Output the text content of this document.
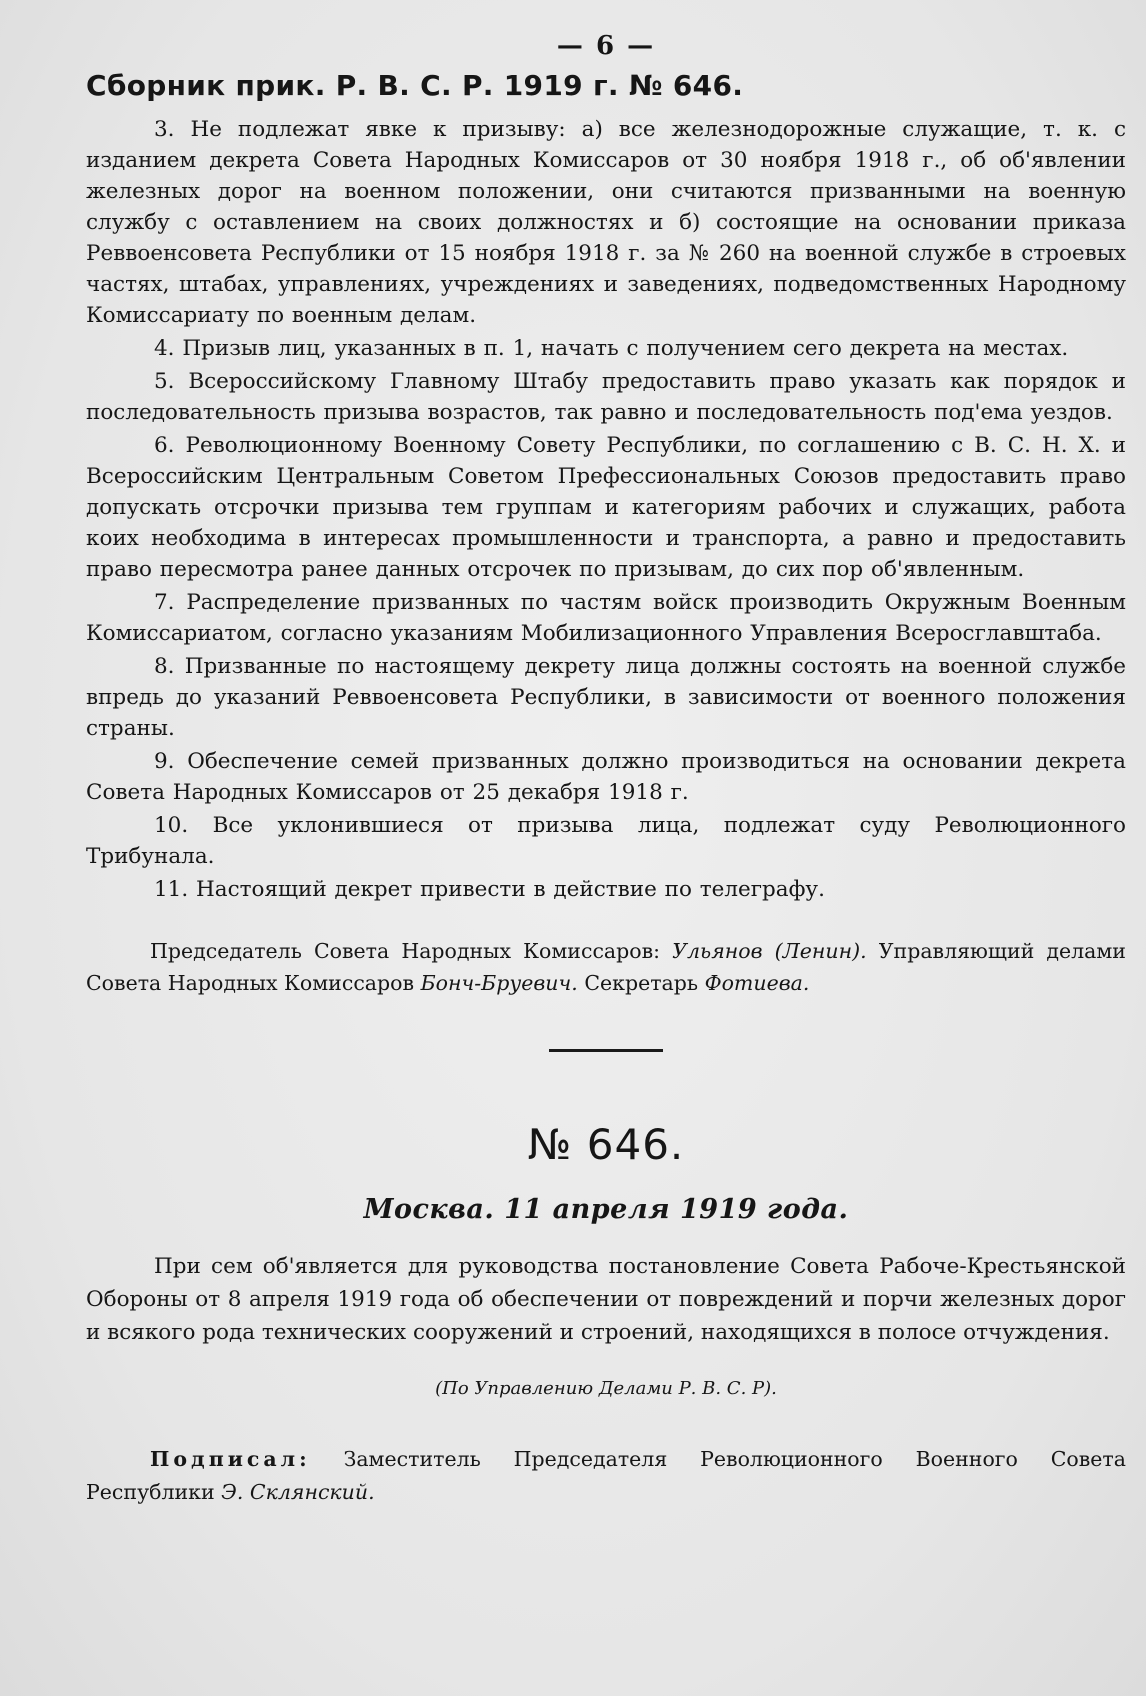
— 6 —
Сборник прик. Р. В. С. Р. 1919 г. № 646.

3. Не подлежат явке к призыву: а) все железнодорожные служащие, т. к. с изданием декрета Совета Народных Комиссаров от 30 ноября 1918 г., об об'явлении железных дорог на военном положении, они считаются призванными на военную службу с оставлением на своих должностях и б) состоящие на основании приказа Реввоенсовета Республики от 15 ноября 1918 г. за № 260 на военной службе в строевых частях, штабах, управлениях, учреждениях и заведениях, подведомственных Народному Комиссариату по военным делам.

4. Призыв лиц, указанных в п. 1, начать с получением сего декрета на местах.

5. Всероссийскому Главному Штабу предоставить право указать как порядок и последовательность призыва возрастов, так равно и последовательность под'ема уездов.

6. Революционному Военному Совету Республики, по соглашению с В. С. Н. Х. и Всероссийским Центральным Советом Префессиональных Союзов предоставить право допускать отсрочки призыва тем группам и категориям рабочих и служащих, работа коих необходима в интересах промышленности и транспорта, а равно и предоставить право пересмотра ранее данных отсрочек по призывам, до сих пор об'явленным.

7. Распределение призванных по частям войск производить Окружным Военным Комиссариатом, согласно указаниям Мобилизационного Управления Всеросглавштаба.

8. Призванные по настоящему декрету лица должны состоять на военной службе впредь до указаний Реввоенсовета Республики, в зависимости от военного положения страны.

9. Обеспечение семей призванных должно производиться на основании декрета Совета Народных Комиссаров от 25 декабря 1918 г.

10. Все уклонившиеся от призыва лица, подлежат суду Революционного Трибунала.

11. Настоящий декрет привести в действие по телеграфу.

Председатель Совета Народных Комиссаров: Ульянов (Ленин). Управляющий делами Совета Народных Комиссаров Бонч-Бруевич. Секретарь Фотиева.

№ 646.
Москва. 11 апреля 1919 года.

При сем об'является для руководства постановление Совета Рабоче-Крестьянской Обороны от 8 апреля 1919 года об обеспечении от повреждений и порчи железных дорог и всякого рода технических сооружений и строений, находящихся в полосе отчуждения.

(По Управлению Делами Р. В. С. Р).

Подписал: Заместитель Председателя Революционного Военного Совета Республики Э. Склянский.
